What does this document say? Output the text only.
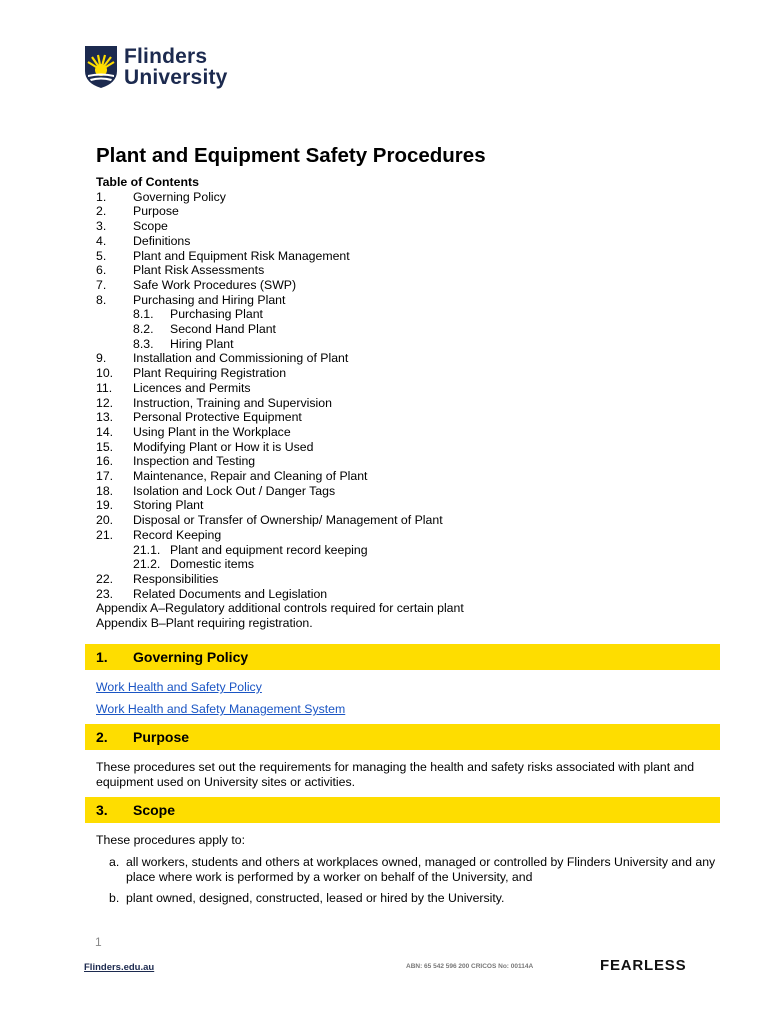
Flinders
University
Plant and Equipment Safety Procedures
Table of Contents
1.	Governing Policy
2.	Purpose
3.	Scope
4.	Definitions
5.	Plant and Equipment Risk Management
6.	Plant Risk Assessments
7.	Safe Work Procedures (SWP)
8.	Purchasing and Hiring Plant
8.1.	Purchasing Plant
8.2.	Second Hand Plant
8.3.	Hiring Plant
9.	Installation and Commissioning of Plant
10.	Plant Requiring Registration
11.	Licences and Permits
12.	Instruction, Training and Supervision
13.	Personal Protective Equipment
14.	Using Plant in the Workplace
15.	Modifying Plant or How it is Used
16.	Inspection and Testing
17.	Maintenance, Repair and Cleaning of Plant
18.	Isolation and Lock Out / Danger Tags
19.	Storing Plant
20.	Disposal or Transfer of Ownership/ Management of Plant
21.	Record Keeping
21.1. Plant and equipment record keeping
21.2. Domestic items
22.	Responsibilities
23.	Related Documents and Legislation
Appendix A–Regulatory additional controls required for certain plant
Appendix B–Plant requiring registration.
1.	Governing Policy
Work Health and Safety Policy
Work Health and Safety Management System
2.	Purpose

These procedures set out the requirements for managing the health and safety risks associated with plant and equipment used on University sites or activities.

3.	Scope

These procedures apply to:

a. all workers, students and others at workplaces owned, managed or controlled by Flinders University and any place where work is performed by a worker on behalf of the University, and
b. plant owned, designed, constructed, leased or hired by the University.
1
Flinders.edu.au	ABN: 65 542 596 200 CRICOS No: 00114A	FEARLESS
